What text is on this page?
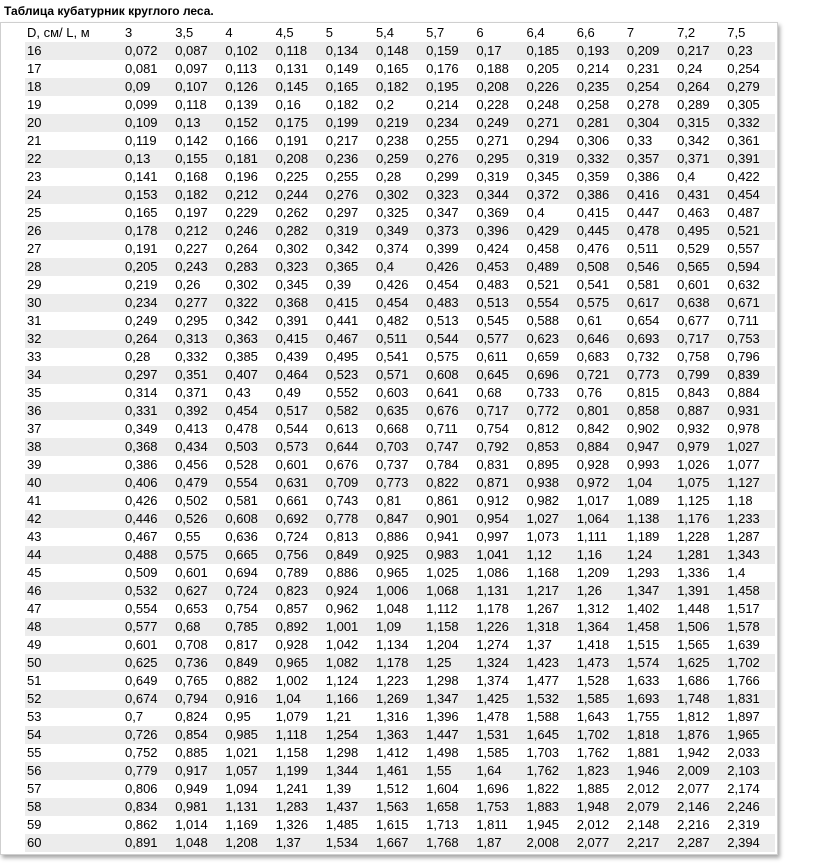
Таблица кубатурник круглого леса.
D, см/ L, м	3	3,5	4	4,5	5	5,4	5,7	6	6,4	6,6	7	7,2	7,5
16	0,072	0,087	0,102	0,118	0,134	0,148	0,159	0,17	0,185	0,193	0,209	0,217	0,23
17	0,081	0,097	0,113	0,131	0,149	0,165	0,176	0,188	0,205	0,214	0,231	0,24	0,254
18	0,09	0,107	0,126	0,145	0,165	0,182	0,195	0,208	0,226	0,235	0,254	0,264	0,279
19	0,099	0,118	0,139	0,16	0,182	0,2	0,214	0,228	0,248	0,258	0,278	0,289	0,305
20	0,109	0,13	0,152	0,175	0,199	0,219	0,234	0,249	0,271	0,281	0,304	0,315	0,332
21	0,119	0,142	0,166	0,191	0,217	0,238	0,255	0,271	0,294	0,306	0,33	0,342	0,361
22	0,13	0,155	0,181	0,208	0,236	0,259	0,276	0,295	0,319	0,332	0,357	0,371	0,391
23	0,141	0,168	0,196	0,225	0,255	0,28	0,299	0,319	0,345	0,359	0,386	0,4	0,422
24	0,153	0,182	0,212	0,244	0,276	0,302	0,323	0,344	0,372	0,386	0,416	0,431	0,454
25	0,165	0,197	0,229	0,262	0,297	0,325	0,347	0,369	0,4	0,415	0,447	0,463	0,487
26	0,178	0,212	0,246	0,282	0,319	0,349	0,373	0,396	0,429	0,445	0,478	0,495	0,521
27	0,191	0,227	0,264	0,302	0,342	0,374	0,399	0,424	0,458	0,476	0,511	0,529	0,557
28	0,205	0,243	0,283	0,323	0,365	0,4	0,426	0,453	0,489	0,508	0,546	0,565	0,594
29	0,219	0,26	0,302	0,345	0,39	0,426	0,454	0,483	0,521	0,541	0,581	0,601	0,632
30	0,234	0,277	0,322	0,368	0,415	0,454	0,483	0,513	0,554	0,575	0,617	0,638	0,671
31	0,249	0,295	0,342	0,391	0,441	0,482	0,513	0,545	0,588	0,61	0,654	0,677	0,711
32	0,264	0,313	0,363	0,415	0,467	0,511	0,544	0,577	0,623	0,646	0,693	0,717	0,753
33	0,28	0,332	0,385	0,439	0,495	0,541	0,575	0,611	0,659	0,683	0,732	0,758	0,796
34	0,297	0,351	0,407	0,464	0,523	0,571	0,608	0,645	0,696	0,721	0,773	0,799	0,839
35	0,314	0,371	0,43	0,49	0,552	0,603	0,641	0,68	0,733	0,76	0,815	0,843	0,884
36	0,331	0,392	0,454	0,517	0,582	0,635	0,676	0,717	0,772	0,801	0,858	0,887	0,931
37	0,349	0,413	0,478	0,544	0,613	0,668	0,711	0,754	0,812	0,842	0,902	0,932	0,978
38	0,368	0,434	0,503	0,573	0,644	0,703	0,747	0,792	0,853	0,884	0,947	0,979	1,027
39	0,386	0,456	0,528	0,601	0,676	0,737	0,784	0,831	0,895	0,928	0,993	1,026	1,077
40	0,406	0,479	0,554	0,631	0,709	0,773	0,822	0,871	0,938	0,972	1,04	1,075	1,127
41	0,426	0,502	0,581	0,661	0,743	0,81	0,861	0,912	0,982	1,017	1,089	1,125	1,18
42	0,446	0,526	0,608	0,692	0,778	0,847	0,901	0,954	1,027	1,064	1,138	1,176	1,233
43	0,467	0,55	0,636	0,724	0,813	0,886	0,941	0,997	1,073	1,111	1,189	1,228	1,287
44	0,488	0,575	0,665	0,756	0,849	0,925	0,983	1,041	1,12	1,16	1,24	1,281	1,343
45	0,509	0,601	0,694	0,789	0,886	0,965	1,025	1,086	1,168	1,209	1,293	1,336	1,4
46	0,532	0,627	0,724	0,823	0,924	1,006	1,068	1,131	1,217	1,26	1,347	1,391	1,458
47	0,554	0,653	0,754	0,857	0,962	1,048	1,112	1,178	1,267	1,312	1,402	1,448	1,517
48	0,577	0,68	0,785	0,892	1,001	1,09	1,158	1,226	1,318	1,364	1,458	1,506	1,578
49	0,601	0,708	0,817	0,928	1,042	1,134	1,204	1,274	1,37	1,418	1,515	1,565	1,639
50	0,625	0,736	0,849	0,965	1,082	1,178	1,25	1,324	1,423	1,473	1,574	1,625	1,702
51	0,649	0,765	0,882	1,002	1,124	1,223	1,298	1,374	1,477	1,528	1,633	1,686	1,766
52	0,674	0,794	0,916	1,04	1,166	1,269	1,347	1,425	1,532	1,585	1,693	1,748	1,831
53	0,7	0,824	0,95	1,079	1,21	1,316	1,396	1,478	1,588	1,643	1,755	1,812	1,897
54	0,726	0,854	0,985	1,118	1,254	1,363	1,447	1,531	1,645	1,702	1,818	1,876	1,965
55	0,752	0,885	1,021	1,158	1,298	1,412	1,498	1,585	1,703	1,762	1,881	1,942	2,033
56	0,779	0,917	1,057	1,199	1,344	1,461	1,55	1,64	1,762	1,823	1,946	2,009	2,103
57	0,806	0,949	1,094	1,241	1,39	1,512	1,604	1,696	1,822	1,885	2,012	2,077	2,174
58	0,834	0,981	1,131	1,283	1,437	1,563	1,658	1,753	1,883	1,948	2,079	2,146	2,246
59	0,862	1,014	1,169	1,326	1,485	1,615	1,713	1,811	1,945	2,012	2,148	2,216	2,319
60	0,891	1,048	1,208	1,37	1,534	1,667	1,768	1,87	2,008	2,077	2,217	2,287	2,394
